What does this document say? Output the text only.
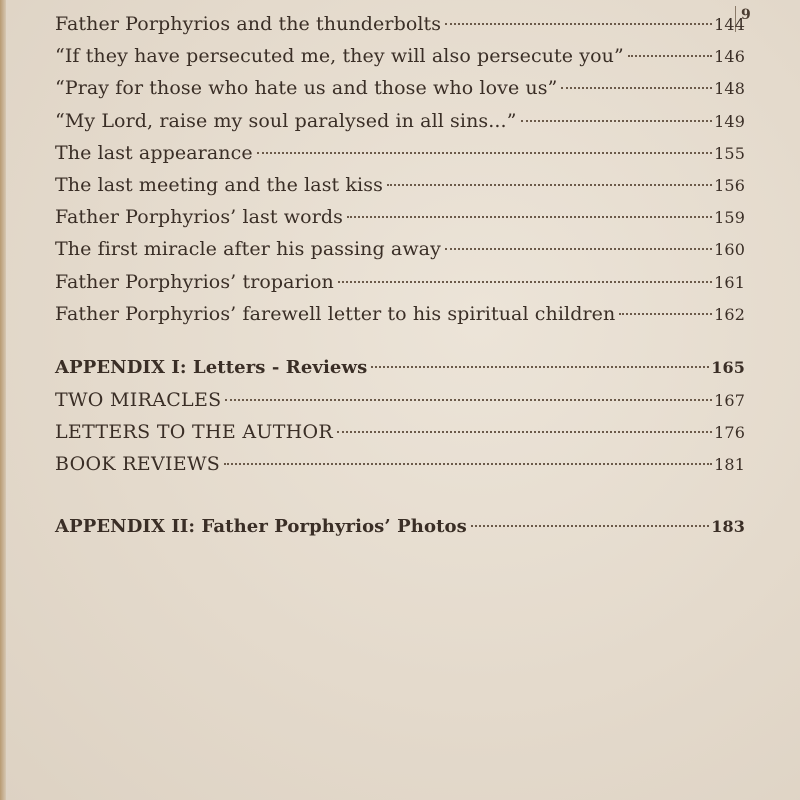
9
Father Porphyrios and the thunderbolts	144
“If they have persecuted me, they will also persecute you”	146
“Pray for those who hate us and those who love us”	148
“My Lord, raise my soul paralysed in all sins...”	149
The last appearance	155
The last meeting and the last kiss	156
Father Porphyrios’ last words	159
The first miracle after his passing away	160
Father Porphyrios’ troparion	161
Father Porphyrios’ farewell letter to his spiritual children	162
APPENDIX I: Letters - Reviews	165
TWO MIRACLES	167
LETTERS TO THE AUTHOR	176
BOOK REVIEWS	181
APPENDIX II: Father Porphyrios’ Photos	183
